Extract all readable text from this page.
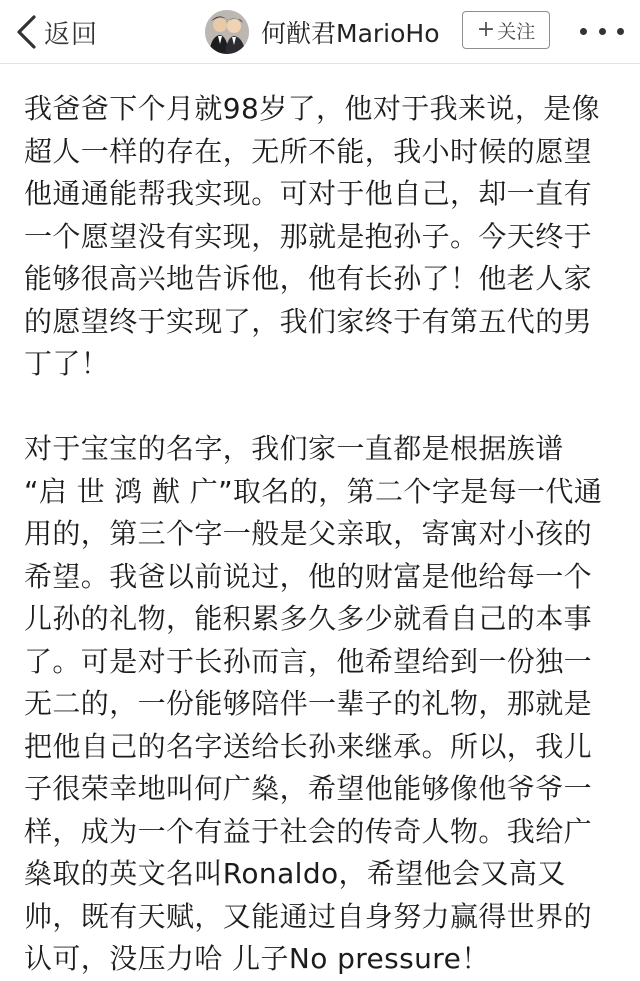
返回	何猷君MarioHo + 关注

我爸爸下个月就98岁了，他对于我来说，是像
超人一样的存在，无所不能，我小时候的愿望
他通通能帮我实现。可对于他自己，却一直有
一个愿望没有实现，那就是抱孙子。今天终于
能够很高兴地告诉他，他有长孙了！他老人家
的愿望终于实现了，我们家终于有第五代的男
丁了！

对于宝宝的名字，我们家一直都是根据族谱
“启 世 鸿 猷 广”取名的，第二个字是每一代通
用的，第三个字一般是父亲取，寄寓对小孩的
希望。我爸以前说过，他的财富是他给每一个
儿孙的礼物，能积累多久多少就看自己的本事
了。可是对于长孙而言，他希望给到一份独一
无二的，一份能够陪伴一辈子的礼物，那就是
把他自己的名字送给长孙来继承。所以，我儿
子很荣幸地叫何广燊，希望他能够像他爷爷一
样，成为一个有益于社会的传奇人物。我给广
燊取的英文名叫Ronaldo，希望他会又高又
帅，既有天赋，又能通过自身努力赢得世界的
认可，没压力哈 儿子No pressure！
